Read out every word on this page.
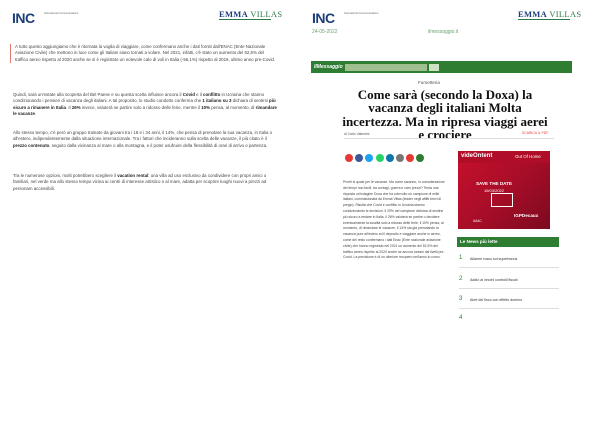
INC	International Communications	EMMA VILLAS
A tutto questo aggiungiamo che è ritornata la voglia di viaggiare, come confermano anche i dati forniti dall'ENAC (Ente Nazionale Aviazione Civile) che mettono in luce come gli Italiani siano tornati a volare. Nel 2021, infatti, c'è stato un aumento del 52,5% del traffico aereo rispetto al 2020 anche se si è registrato un notevole calo di voli in Italia (-56,1%) rispetto al 2019, ultimo anno pre-Covid.
Quindi, sarà un'estate alla scoperta del Bel Paese e su questa scelta influisce ancora il Covid e il conflitto in Ucraina che stanno condizionando i pensieri di vacanza degli italiani. A tal proposito, lo studio condotto conferma che 1 italiano su 3 dichiara di sentirsi più sicuro a rimanere in Italia. Il 26% invece, valuterà se partire solo a ridosso delle ferie, mentre il 10% pensa, al momento, di rimandare le vacanze.
Allo stesso tempo, c'è però un gruppo trainato da giovani tra i 18 e i 34 anni, il 14%, che pensa di prenotare la sua vacanza, in Italia o all'estero, indipendentemente dalla situazione internazionale. Tra i fattori che incideranno sulla scelta delle vacanze, il più citato è il prezzo contenuto, seguito dalla vicinanza al mare o alla montagna, e il poter usufruire della flessibilità di orari di arrivo e partenza.
Tra le numerose opzioni, molti potrebbero scegliere il vacation rental: una villa ad uso esclusivo da condividere con propri amici o familiari, nel verde ma allo stesso tempo vicina ai centri di interesse artistico o al mare, adatta per scoprire luoghi nuovi a prezzi ad personam accessibili.
INC	International Communications	EMMA VILLAS
24-05-2022	ilmessaggio.it
IlMessaggio
Fumetteria
Come sarà (secondo la Doxa) la vacanza degli italiani Molta incertezza. Ma in ripresa viaggi aerei e crociere
di Carlo Valentini	SCARICA IL PDF
Pronti si quasi per le vacanze. Ma come saranno, in considerazione dei tempi non facili, tra contagi, guerra e caro prezzi? Tenta una risposta un'indagine Doxa che ha coinvolto un campione di mille italiani, commissionata da Emma Villas (leader negli affitti brevi di pregio). Risulta che Covid e conflitto in Ucraina stanno condizionando le decisioni. Il 29% del campione dichiara di sentirsi più sicuro a restare in Italia, il 26% valuterà se partire o decidere eventualmente la località solo a ridosso delle ferie, il 10% pensa, al momento, di rimandare le vacanze, il 14% sta già prenotando la vacanza pure all'estero ed il deposito e viaggiare anche in aereo, come del resto confermano i dati Enac (Ente nazionale aviazione civile) che hanno registrato nel 2021 un aumento del 52,5% del traffico aereo rispetto al 2020 anche se ancora lontani dai livelli pre-Covid. La previsione è di un ulteriore recupero nell'anno in corso.
videOntent	Out Of Home
SAVE THE DATE
16/03/2022
AAAC
IGPDecaux
Le News più lette
1 Allarme rosso sul superbonus
2 Addio ai vecchi controlli fiscali
3 Alert del fisco con effetto domino
4
